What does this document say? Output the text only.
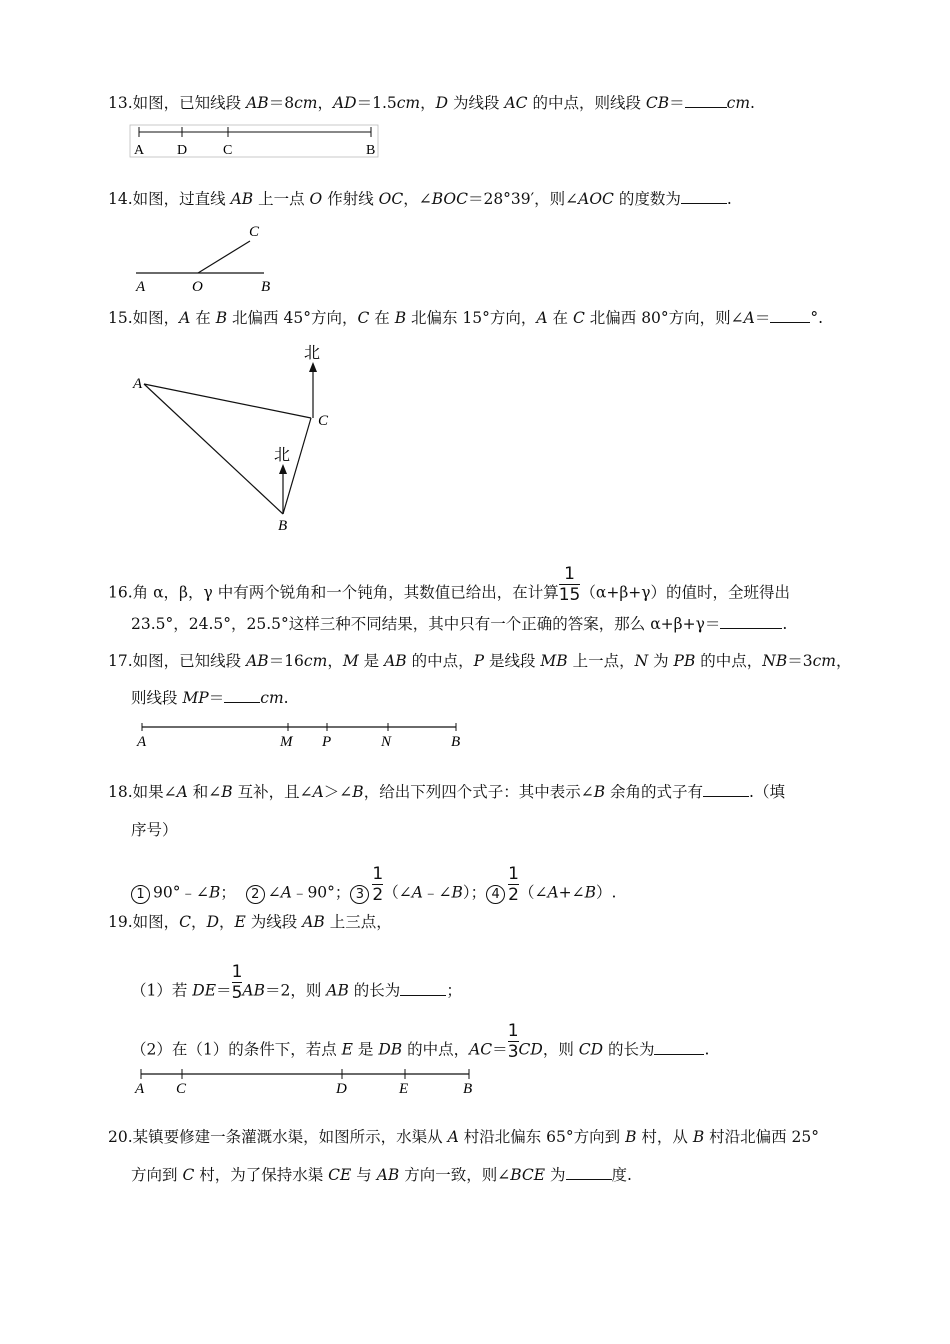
13.如图，已知线段 AB＝8cm，AD＝1.5cm，D 为线段 AC 的中点，则线段 CB＝	cm.
A D	C	B
14.如图，过直线 AB 上一点 O 作射线 OC，∠BOC＝28°39′，则∠AOC 的度数为	.
A	O	B
C
15.如图，A 在 B 北偏西 45°方向，C 在 B 北偏东 15°方向，A 在 C 北偏西 80°方向，则∠A＝	°.
北
北
A
C
B
16.角 α，β，γ 中有两个锐角和一个钝角，其数值已给出，在计算 $\frac{1}{15} (\alpha+\beta+\gamma)$的值时，全班得出
23.5°，24.5°，25.5°这样三种不同结果，其中只有一个正确的答案，那么 α+β+γ＝	.
17.如图，已知线段 AB＝16cm，M 是 AB 的中点，P 是线段 MB 上一点，N 为 PB 的中点，NB＝3cm，
则线段 MP＝ cm.
A	M P	N	B
18.如果∠A 和∠B 互补，且∠A＞∠B，给出下列四个式子：其中表示∠B 余角的式子有	.（填
序号）
1 90°﹣∠B； 2 ∠A﹣90°； $3 \frac{1}{2}$ （∠A﹣∠B）； $4 \frac{1}{2}$ （∠A+∠B）.
19.如图，C，D，E 为线段 AB 上三点，
（1）若 $DE= \frac{1}{5} AB=2$，则 AB 的长为	；
（2）在（1）的条件下，若点 E 是 DB 的中点，$AC= \frac{1}{3}$ CD，则 CD 的长为	.
A C	D	E	B
20.某镇要修建一条灌溉水渠，如图所示，水渠从 A 村沿北偏东 65°方向到 B 村，从 B 村沿北偏西 25°
方向到 C 村，为了保持水渠 CE 与 AB 方向一致，则∠BCE 为	度.
